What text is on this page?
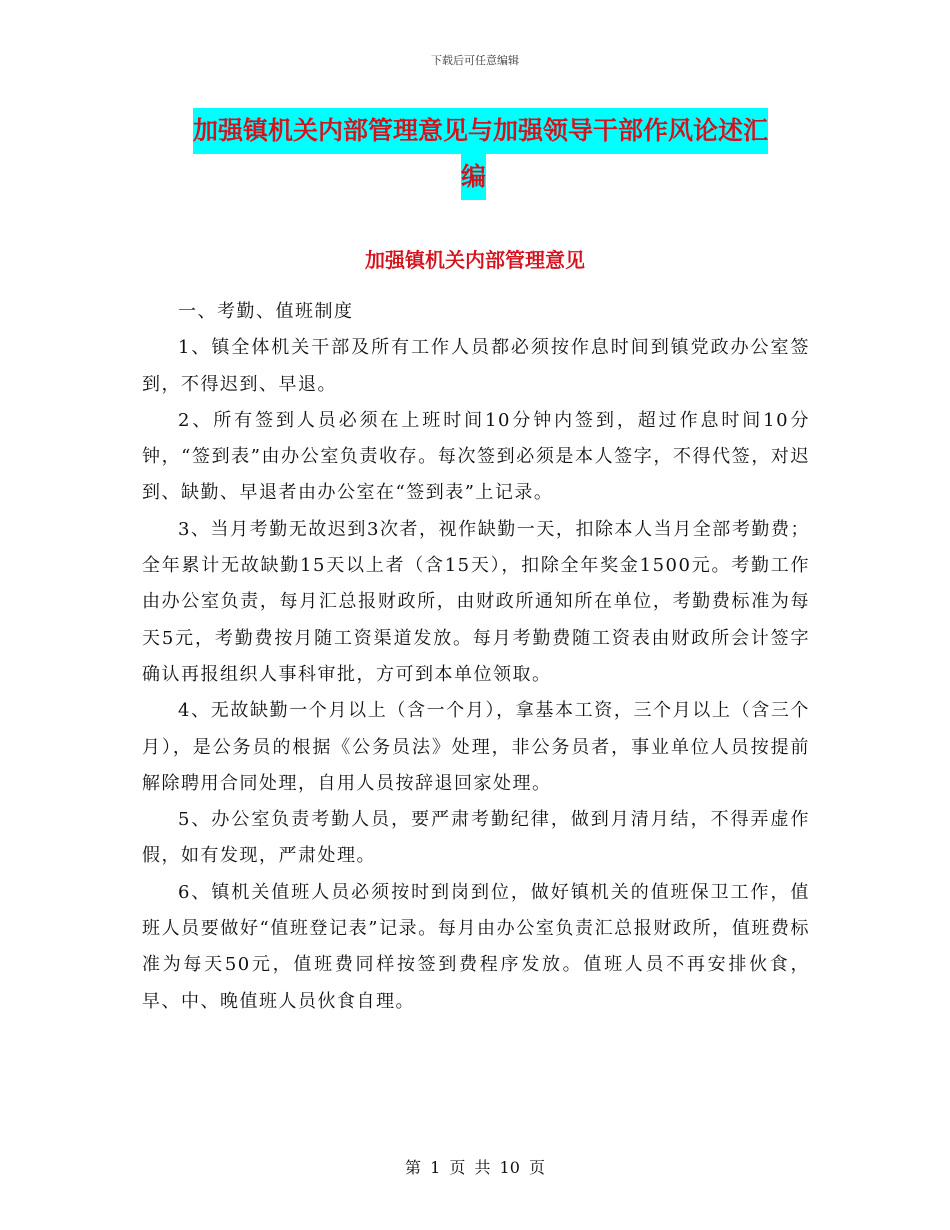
下载后可任意编辑
加强镇机关内部管理意见与加强领导干部作风论述汇
编
加强镇机关内部管理意见

一、考勤、值班制度

1、镇全体机关干部及所有工作人员都必须按作息时间到镇党政办公室签到，不得迟到、早退。

2、所有签到人员必须在上班时间10分钟内签到，超过作息时间10分钟，“签到表”由办公室负责收存。每次签到必须是本人签字，不得代签，对迟到、缺勤、早退者由办公室在“签到表”上记录。

3、当月考勤无故迟到3次者，视作缺勤一天，扣除本人当月全部考勤费；全年累计无故缺勤15天以上者（含15天），扣除全年奖金1500元。考勤工作由办公室负责，每月汇总报财政所，由财政所通知所在单位，考勤费标准为每天5元，考勤费按月随工资渠道发放。每月考勤费随工资表由财政所会计签字确认再报组织人事科审批，方可到本单位领取。

4、无故缺勤一个月以上（含一个月），拿基本工资，三个月以上（含三个月），是公务员的根据《公务员法》处理，非公务员者，事业单位人员按提前解除聘用合同处理，自用人员按辞退回家处理。

5、办公室负责考勤人员，要严肃考勤纪律，做到月清月结，不得弄虚作假，如有发现，严肃处理。

6、镇机关值班人员必须按时到岗到位，做好镇机关的值班保卫工作，值班人员要做好“值班登记表”记录。每月由办公室负责汇总报财政所，值班费标准为每天50元，值班费同样按签到费程序发放。值班人员不再安排伙食，早、中、晚值班人员伙食自理。

第 1 页 共 10 页
